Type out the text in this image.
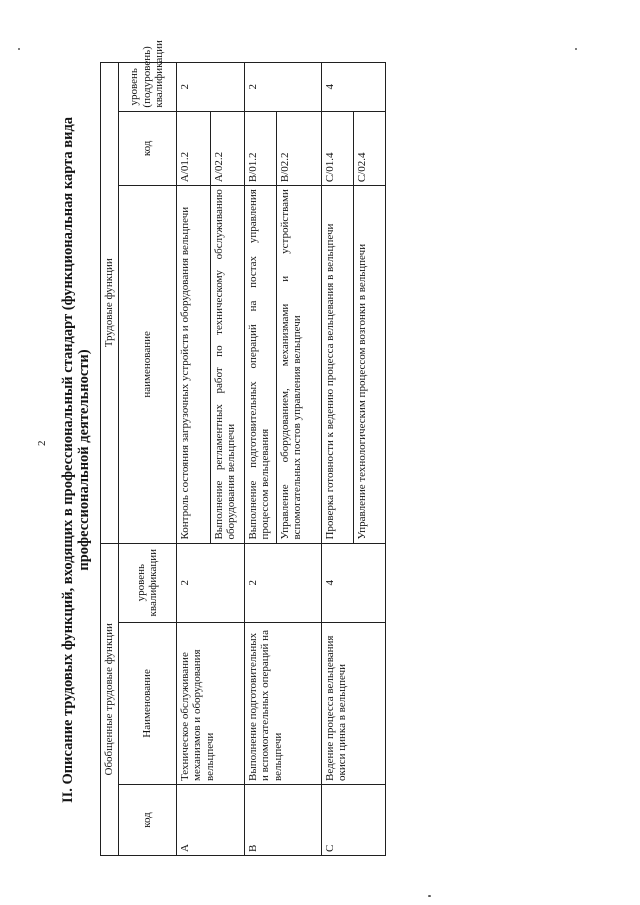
2 II. Описание трудовых функций, входящих в профессиональный стандарт (функциональная карта вида профессиональной деятельности)
Обобщенные трудовые функции			Трудовые функции		
код	Наименование	уровень квалификации	наименование	код	уровень (подуровень) квалификации
A	Техническое обслуживание механизмов и оборудования вельцпечи	2	Контроль состояния загрузочных устройств и оборудования вельцпечи	A/01.2	2
			Выполнение регламентных работ по техническому обслуживанию оборудования вельцпечи	A/02.2	
B	Выполнение подготовительных и вспомогательных операций на вельцпечи	2	Выполнение подготовительных операций на постах управления процессом вельцевания	B/01.2	2
			Управление оборудованием, механизмами и устройствами вспомогательных постов управления вельцпечи	B/02.2	
C	Ведение процесса вельцевания окиси цинка в вельцпечи	4	Проверка готовности к ведению процесса вельцевания в вельцпечи	C/01.4	4
			Управление технологическим процессом возгонки в вельцпечи	C/02.4	
